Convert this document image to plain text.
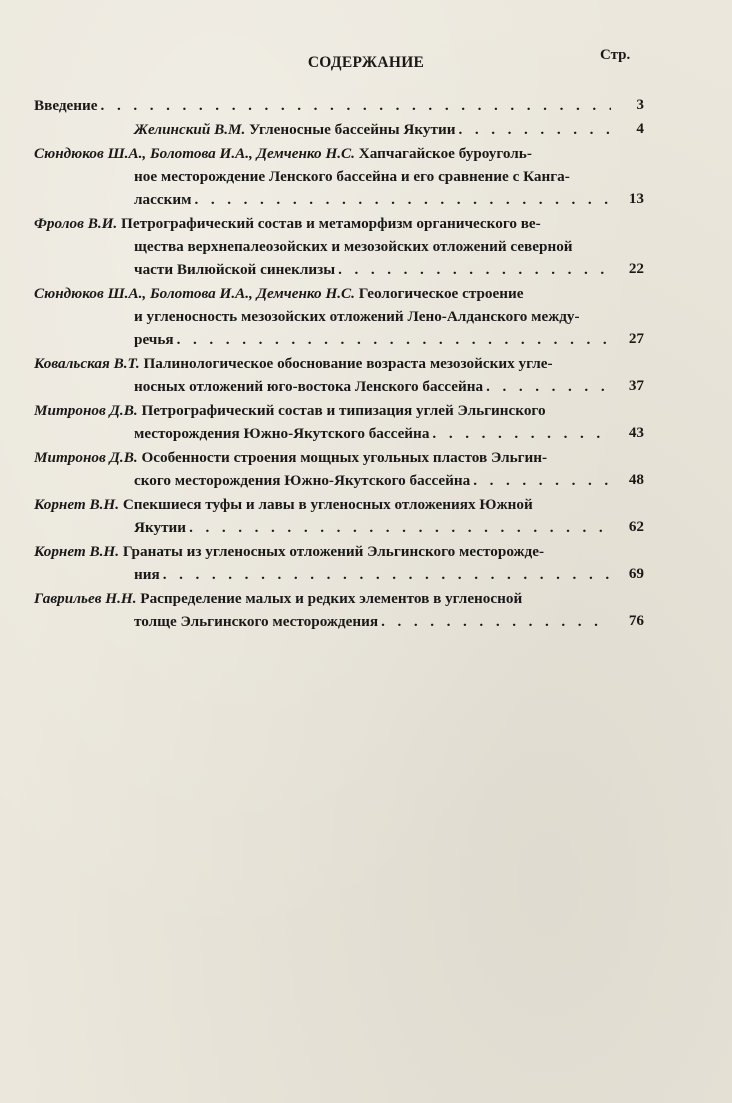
СОДЕРЖАНИЕ	Стр.
Введение . . .	3
Желинский В.М. Угленосные бассейны Якутии . . .	4
Сюндюков Ш.А., Болотова И.А., Демченко Н.С. Хапчагайское буроуголь-
ное месторождение Ленского бассейна и его сравнение с Канга-
ласским . . .	13
Фролов В.И. Петрографический состав и метаморфизм органического ве-
щества верхнепалеозойских и мезозойских отложений северной
части Вилюйской синеклизы . . .	22
Сюндюков Ш.А., Болотова И.А., Демченко Н.С. Геологическое строение
и угленосность мезозойских отложений Лено-Алданского между-
речья . . .	27
Ковальская В.Т. Палинологическое обоснование возраста мезозойских угле-
носных отложений юго-востока Ленского бассейна . . .	37
Митронов Д.В. Петрографический состав и типизация углей Эльгинского
месторождения Южно-Якутского бассейна . . .	43
Митронов Д.В. Особенности строения мощных угольных пластов Эльгин-
ского месторождения Южно-Якутского бассейна . . .	48
Корнет В.Н. Спекшиеся туфы и лавы в угленосных отложениях Южной
Якутии . . .	62
Корнет В.Н. Гранаты из угленосных отложений Эльгинского месторожде-
ния . . .	69
Гаврильев Н.Н. Распределение малых и редких элементов в угленосной
толще Эльгинского месторождения . . .	76
